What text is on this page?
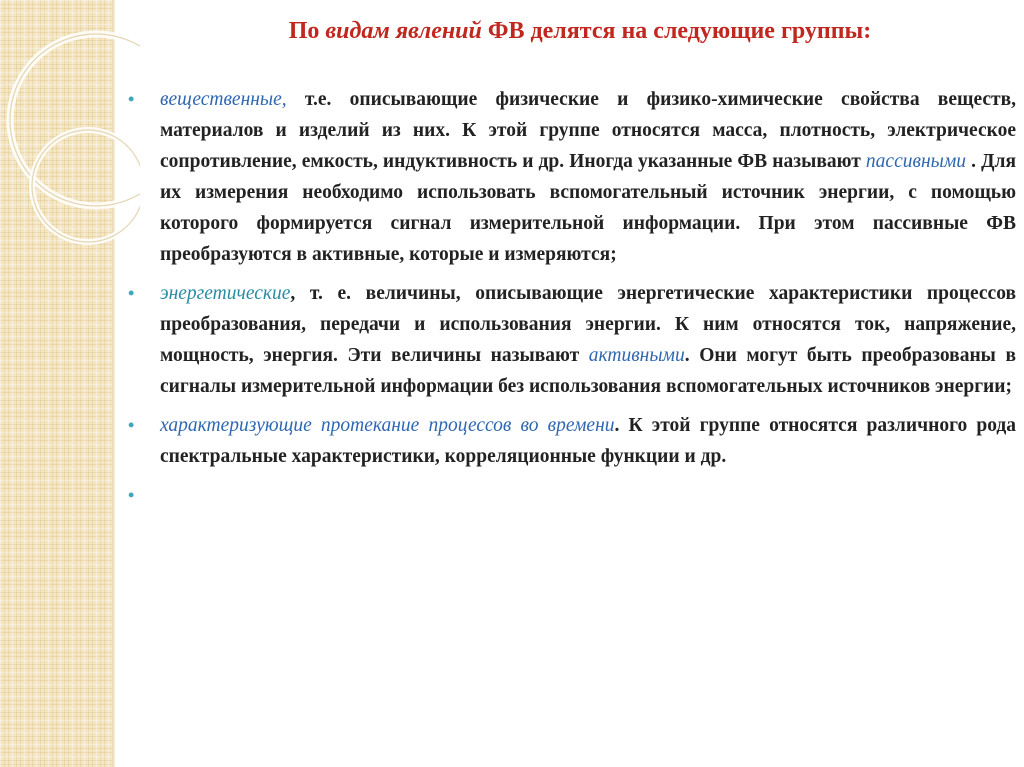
По видам явлений ФВ делятся на следующие группы:
• вещественные, т.е. описывающие физические и физико-химические свойства веществ, материалов и изделий из них. К этой группе относятся масса, плотность, электрическое сопротивление, емкость, индуктивность и др. Иногда указанные ФВ называют пассивными . Для их измерения необходимо использовать вспомогательный источник энергии, с помощью которого формируется сигнал измерительной информации. При этом пассивные ФВ преобразуются в активные, которые и измеряются;
• энергетические, т. е. величины, описывающие энергетические характеристики процессов преобразования, передачи и использования энергии. К ним относятся ток, напряжение, мощность, энергия. Эти величины называют активными. Они могут быть преобразованы в сигналы измерительной информации без использования вспомогательных источников энергии;
• характеризующие протекание процессов во времени. К этой группе относятся различного рода спектральные характеристики, корреляционные функции и др.
•
